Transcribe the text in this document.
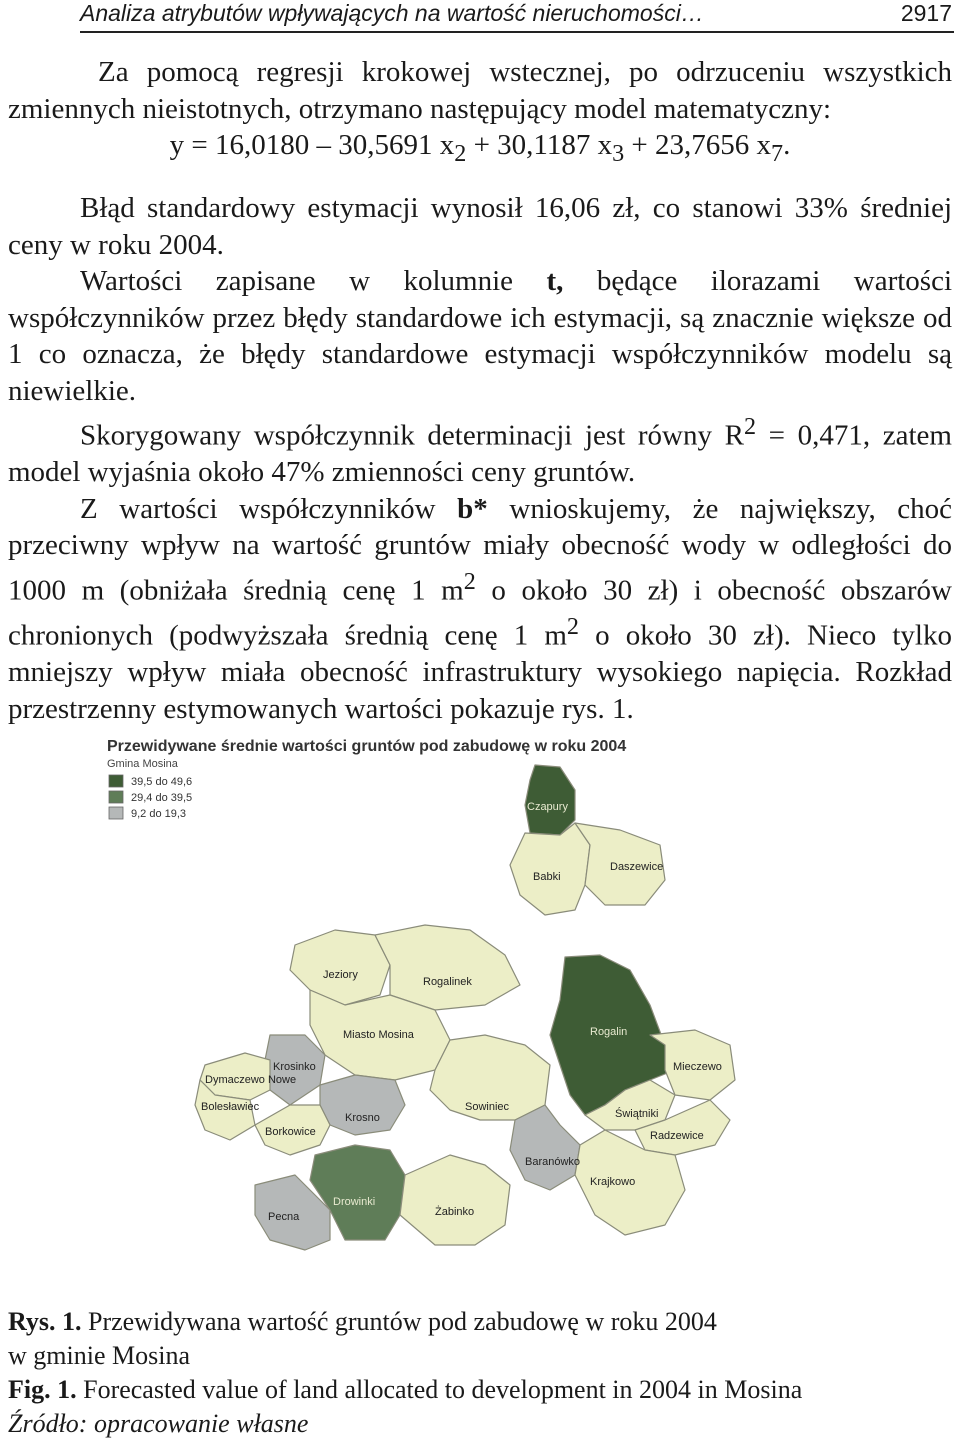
Analiza atrybutów wpływających na wartość nieruchomości…	2917

Za pomocą regresji krokowej wstecznej, po odrzuceniu wszystkich zmiennych nieistotnych, otrzymano następujący model matematyczny:

y = 16,0180 – 30,5691 $x_2 + 30,1187$ $x_3 + 23,7656$ $x_7$.

Błąd standardowy estymacji wynosił 16,06 zł, co stanowi 33% średniej ceny w roku 2004.

Wartości zapisane w kolumnie t, będące ilorazami wartości współczynników przez błędy standardowe ich estymacji, są znacznie większe od 1 co oznacza, że błędy standardowe estymacji współczynników modelu są niewielkie.

Skorygowany współczynnik determinacji jest równy $R^2 = 0,471$, zatem model wyjaśnia około 47% zmienności ceny gruntów.

Z wartości współczynników b* wnioskujemy, że największy, choć przeciwny wpływ na wartość gruntów miały obecność wody w odległości do 1000 m (obniżała średnią cenę 1 $m^2$ o około 30 zł) i obecność obszarów chronionych (podwyższała średnią cenę 1 $m^2$ o około 30 zł). Nieco tylko mniejszy wpływ miała obecność infrastruktury wysokiego napięcia. Rozkład przestrzenny estymowanych wartości pokazuje rys. 1.

Przewidywane średnie wartości gruntów pod zabudowę w roku 2004
Gmina Mosina
39,5 do 49,6
29,4 do 39,5
9,2 do 19,3
Czapury
Babki
Daszewice
Jeziory
Rogalinek
Rogalin
Miasto Mosina
Krosinko
Dymaczewo Nowe
Bolesławiec
Krosno
Borkowice
Mieczewo
Świątniki
Radzewice
Sowiniec
Baranówko
Krajkowo
Drowinki
Żabinko
Pecna

Rys. 1. Przewidywana wartość gruntów pod zabudowę w roku 2004

w gminie Mosina

Fig. 1. Forecasted value of land allocated to development in 2004 in Mosina

Źródło: opracowanie własne
